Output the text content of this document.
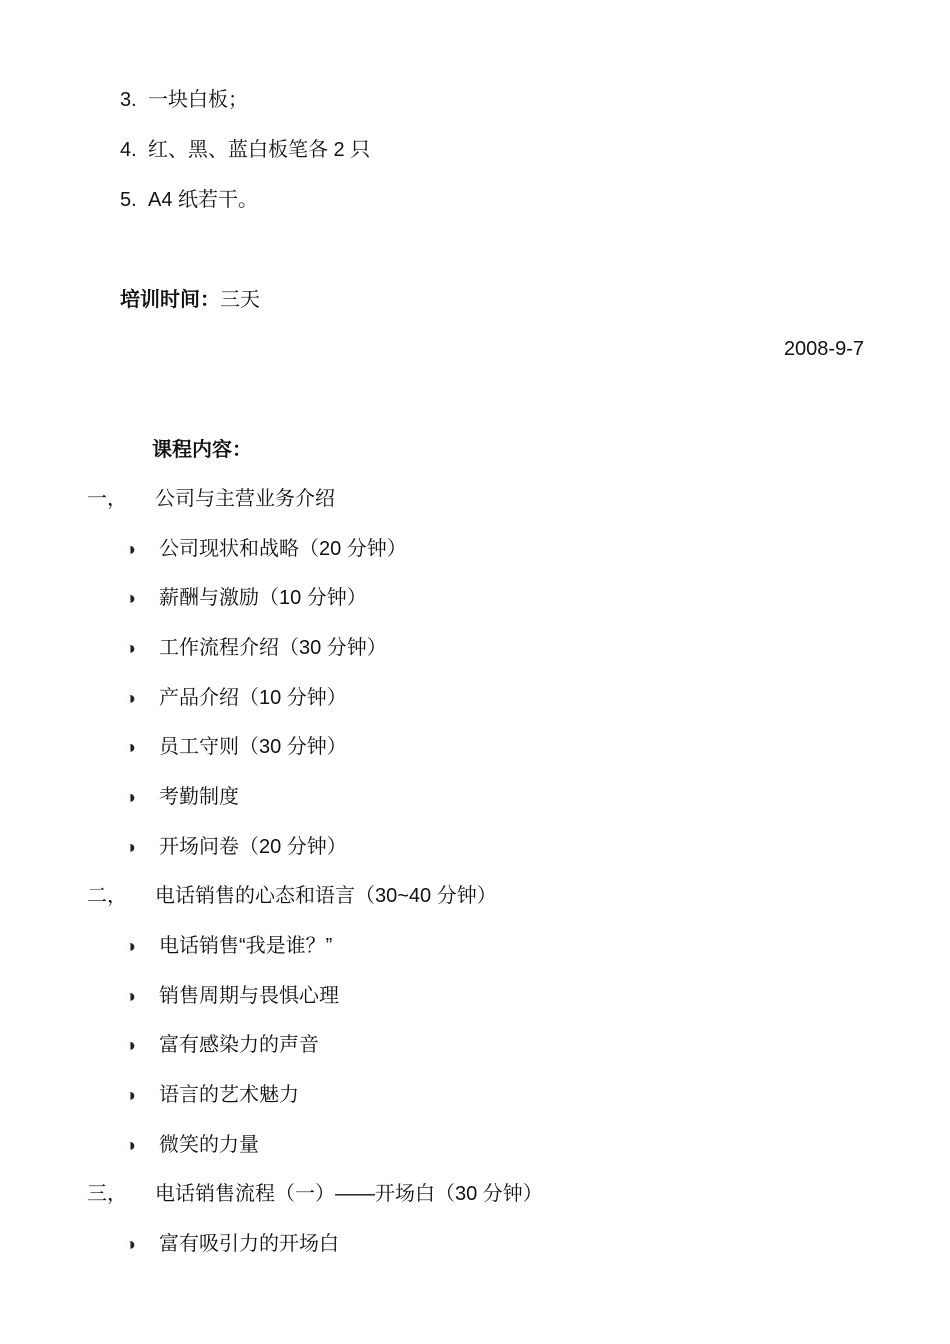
3. 一块白板；
4. 红、黑、蓝白板笔各 2 只
5. A4 纸若干。
培训时间：三天
2008-9-7
课程内容：
一， 公司与主营业务介绍
◑ 公司现状和战略（20 分钟）
◑ 薪酬与激励（10 分钟）
◑ 工作流程介绍（30 分钟）
◑ 产品介绍（10 分钟）
◑ 员工守则（30 分钟）
◑ 考勤制度
◑ 开场问卷（20 分钟）
二， 电话销售的心态和语言（30~40 分钟）
◑ 电话销售“我是谁？”
◑ 销售周期与畏惧心理
◑ 富有感染力的声音
◑ 语言的艺术魅力
◑ 微笑的力量
三， 电话销售流程（一）——开场白（30 分钟）
◑ 富有吸引力的开场白
